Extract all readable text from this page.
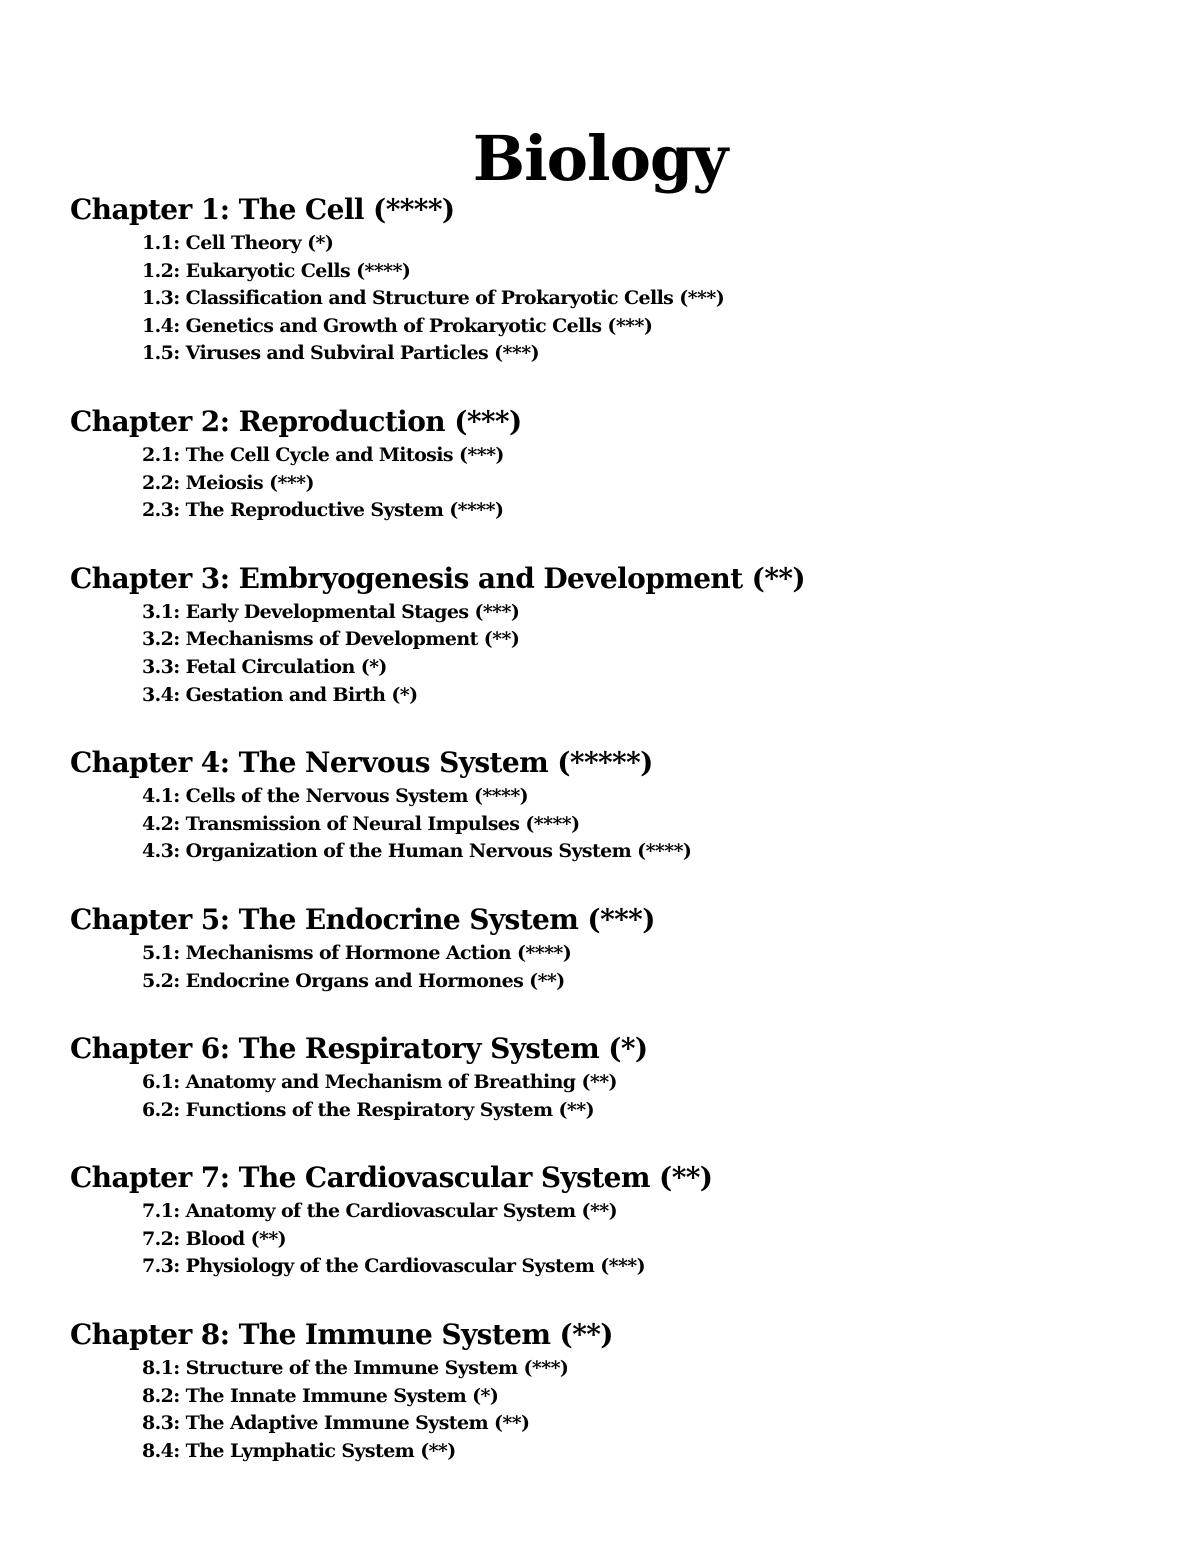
Biology
Chapter 1: The Cell (****)
1.1: Cell Theory (*)
1.2: Eukaryotic Cells (****)
1.3: Classification and Structure of Prokaryotic Cells (***)
1.4: Genetics and Growth of Prokaryotic Cells (***)
1.5: Viruses and Subviral Particles (***)
Chapter 2: Reproduction (***)
2.1: The Cell Cycle and Mitosis (***)
2.2: Meiosis (***)
2.3: The Reproductive System (****)
Chapter 3: Embryogenesis and Development (**)
3.1: Early Developmental Stages (***)
3.2: Mechanisms of Development (**)
3.3: Fetal Circulation (*)
3.4: Gestation and Birth (*)
Chapter 4: The Nervous System (*****)
4.1: Cells of the Nervous System (****)
4.2: Transmission of Neural Impulses (****)
4.3: Organization of the Human Nervous System (****)
Chapter 5: The Endocrine System (***)
5.1: Mechanisms of Hormone Action (****)
5.2: Endocrine Organs and Hormones (**)
Chapter 6: The Respiratory System (*)
6.1: Anatomy and Mechanism of Breathing (**)
6.2: Functions of the Respiratory System (**)
Chapter 7: The Cardiovascular System (**)
7.1: Anatomy of the Cardiovascular System (**)
7.2: Blood (**)
7.3: Physiology of the Cardiovascular System (***)
Chapter 8: The Immune System (**)
8.1: Structure of the Immune System (***)
8.2: The Innate Immune System (*)
8.3: The Adaptive Immune System (**)
8.4: The Lymphatic System (**)
